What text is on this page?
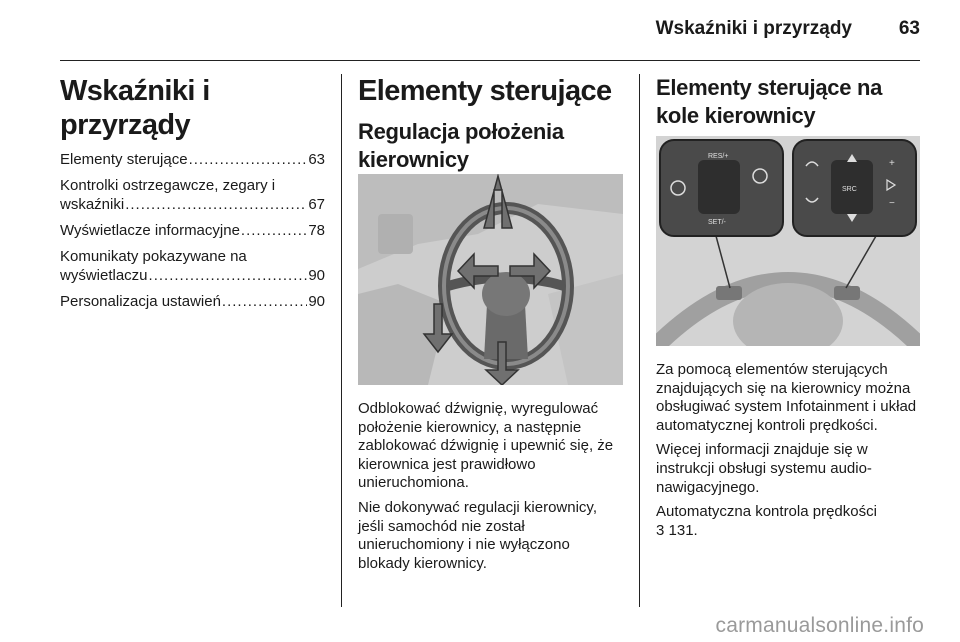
Wskaźniki i przyrządy 63
Wskaźniki i przyrządy
Elementy sterujące .....	63
Kontrolki ostrzegawcze, zegary i
wskaźniki .....	67
Wyświetlacze informacyjne .....	78
Komunikaty pokazywane na
wyświetlaczu .....	90
Personalizacja ustawień .....	90
Elementy sterujące
Regulacja położenia kierownicy

Odblokować dźwignię, wyregulować położenie kierownicy, a następnie zablokować dźwignię i upewnić się, że kierownica jest prawidłowo unieruchomiona.

Nie dokonywać regulacji kierownicy, jeśli samochód nie został unieruchomiony i nie wyłączono blokady kierownicy.

Elementy sterujące na kole kierownicy
RES/+
SET/-
SRC
+
−

Za pomocą elementów sterujących znajdujących się na kierownicy można obsługiwać system Infotainment i układ automatycznej kontroli prędkości.

Więcej informacji znajduje się w instrukcji obsługi systemu audio-nawigacyjnego.

Automatyczna kontrola prędkości
3 131.

carmanualsonline.info
